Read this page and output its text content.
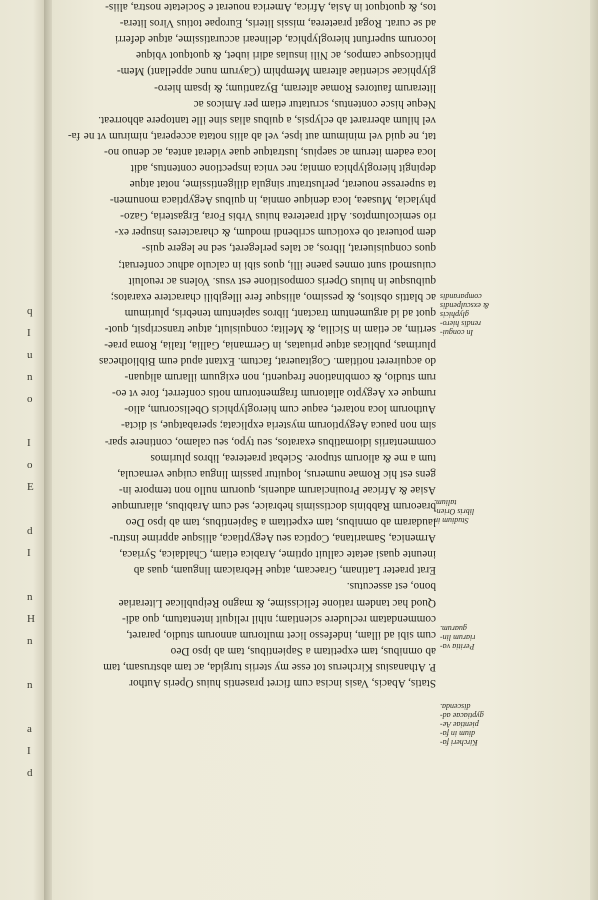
q
I
u
n
o

I
o
E

d
I

n
H
n

n

a
I
d
fa-
Statis, Abacis, Vasis incisa cum ficret prasentis huius Operis Author
P. Athanasius Kircherus tot esse my steriis turgida, ac tam abstrusam, tam
ab omnibus, tam expetitam a Sapientibus, tam ab ipso Deo
cum sibi ad illam, indefesso licet multorum annorum studio, pararet,
commendatam recludere scientiam; nihil reliquit intentatum, quo adi-
Quod hac tandem ratione felicissime, & magno Reipublicae Literariae
bono, est assecutus.
Erat praeter Latinam, Graecam, atque Hebraicam linguam, quas ab
ineunte quasi aetate calluit optime, Arabica etiam, Chaldaica, Syriaca,
Armenica, Samaritana, Coptica seu Aegyptiaca, aliisque apprime instru-
laudaram ab omnibus, tam expetitam a Sapientibus, tam ab ipso Deo
braeorum Rabbinis doctissimis hebraice, sed cum Arabibus, aliarumque
Asiae & Africae Prouinciarum aduenis, quorum nullo non tempore in-
gens est hic Romae numerus, loquitur passim lingua cuique vernacula,
tum a me & aliorum stupore. Sciebat praeterea, libros plurimos
commentariis idiomatibus exaratos, seu typo, seu calamo, continere spar-
sim non pauca Aegyptiorum mysteria explicata; sperabatque, si dicta-
Authorum loca notaret, eaque cum hieroglyphicis Obeliscorum, alio-
rumque ex Aegypto allatorum fragmentorum notis conferret, fore vt eo-
rum studio, & combinatione frequenti, non exiguum illarum aliquan-
do acquireret notitiam. Cogitauerat, factum. Extant apud eum Bibliothecas
plurimas, publicas atque priuatas, in Germania, Gallia, Italia, Roma prae-
sertim, ac etiam in Sicilia, & Melita; conquisiuit, atque transcripsit, quot-
quot ad id argumentum tractant, libros sapientum tenebris, plurimum
ac blattis obsitos, & pessimo, aliisque fere illegibili charactere exaratos;
quibusque in huius Operis compositione est vsus. Volens ac reuoluit
cuiusmodi sunt omnes paene illi, quos sibi in calculo adhuc conferuat;
quos conquisiuerat, libros, ac tales perlegeret, sed ne legere quis-
dem potuerat ob exoticum scribendi modum, & characteres insuper ex-
rio semicolumptos. Adit praeterea huius Vrbis Fora, Ergasteria, Gazo-
phylacia, Musaea, loca denique omnia, in quibus Aegyptiaca monumen-
ta superesse nouerat, perlustratur singula diligentissime, notat atque
depingit hieroglyphica omnia; nec vnica inspectione contentus, adit
loca eadem iterum ac saepius, lustratque quae viderat antea, ac denuo no-
tat, ne quid vel minimum aut ipse, vel ab aliis notata acceperat, nimirum vt ne
vel hilum aberraret ab eclypsis, a quibus alias sine ille tantopere abhorreat.
Neque hisce contentus, scrutatur etiam per Amicos ac
literarum fautores Romae alteram, Byzantium; & ipsam hiero-
glyphicae scientiae alteram Memphim (Cayrum nunc appellant) Mem-
phiticosque campos, ac Nili insulas adiri iubet, & quotquot vbique
locorum superfunt hieroglyphica, delineari accuratissime, atque deferri
ad se curat. Rogat praeterea, missis literis, Europae totius Viros litera-
tos, & quotquot in Asia, Africa, America nouerat e Societate nostra, aliis-
In congui-
rendis hiero-
glyphicis
& exsculpendis
comparandis
Studium in
libris Orien-
talium.
Peritia va-
riarum lin-
guarum.
Kircheri fa-
dium in fa-
pientiae Ae-
gyptiacae ad-
discenda.
